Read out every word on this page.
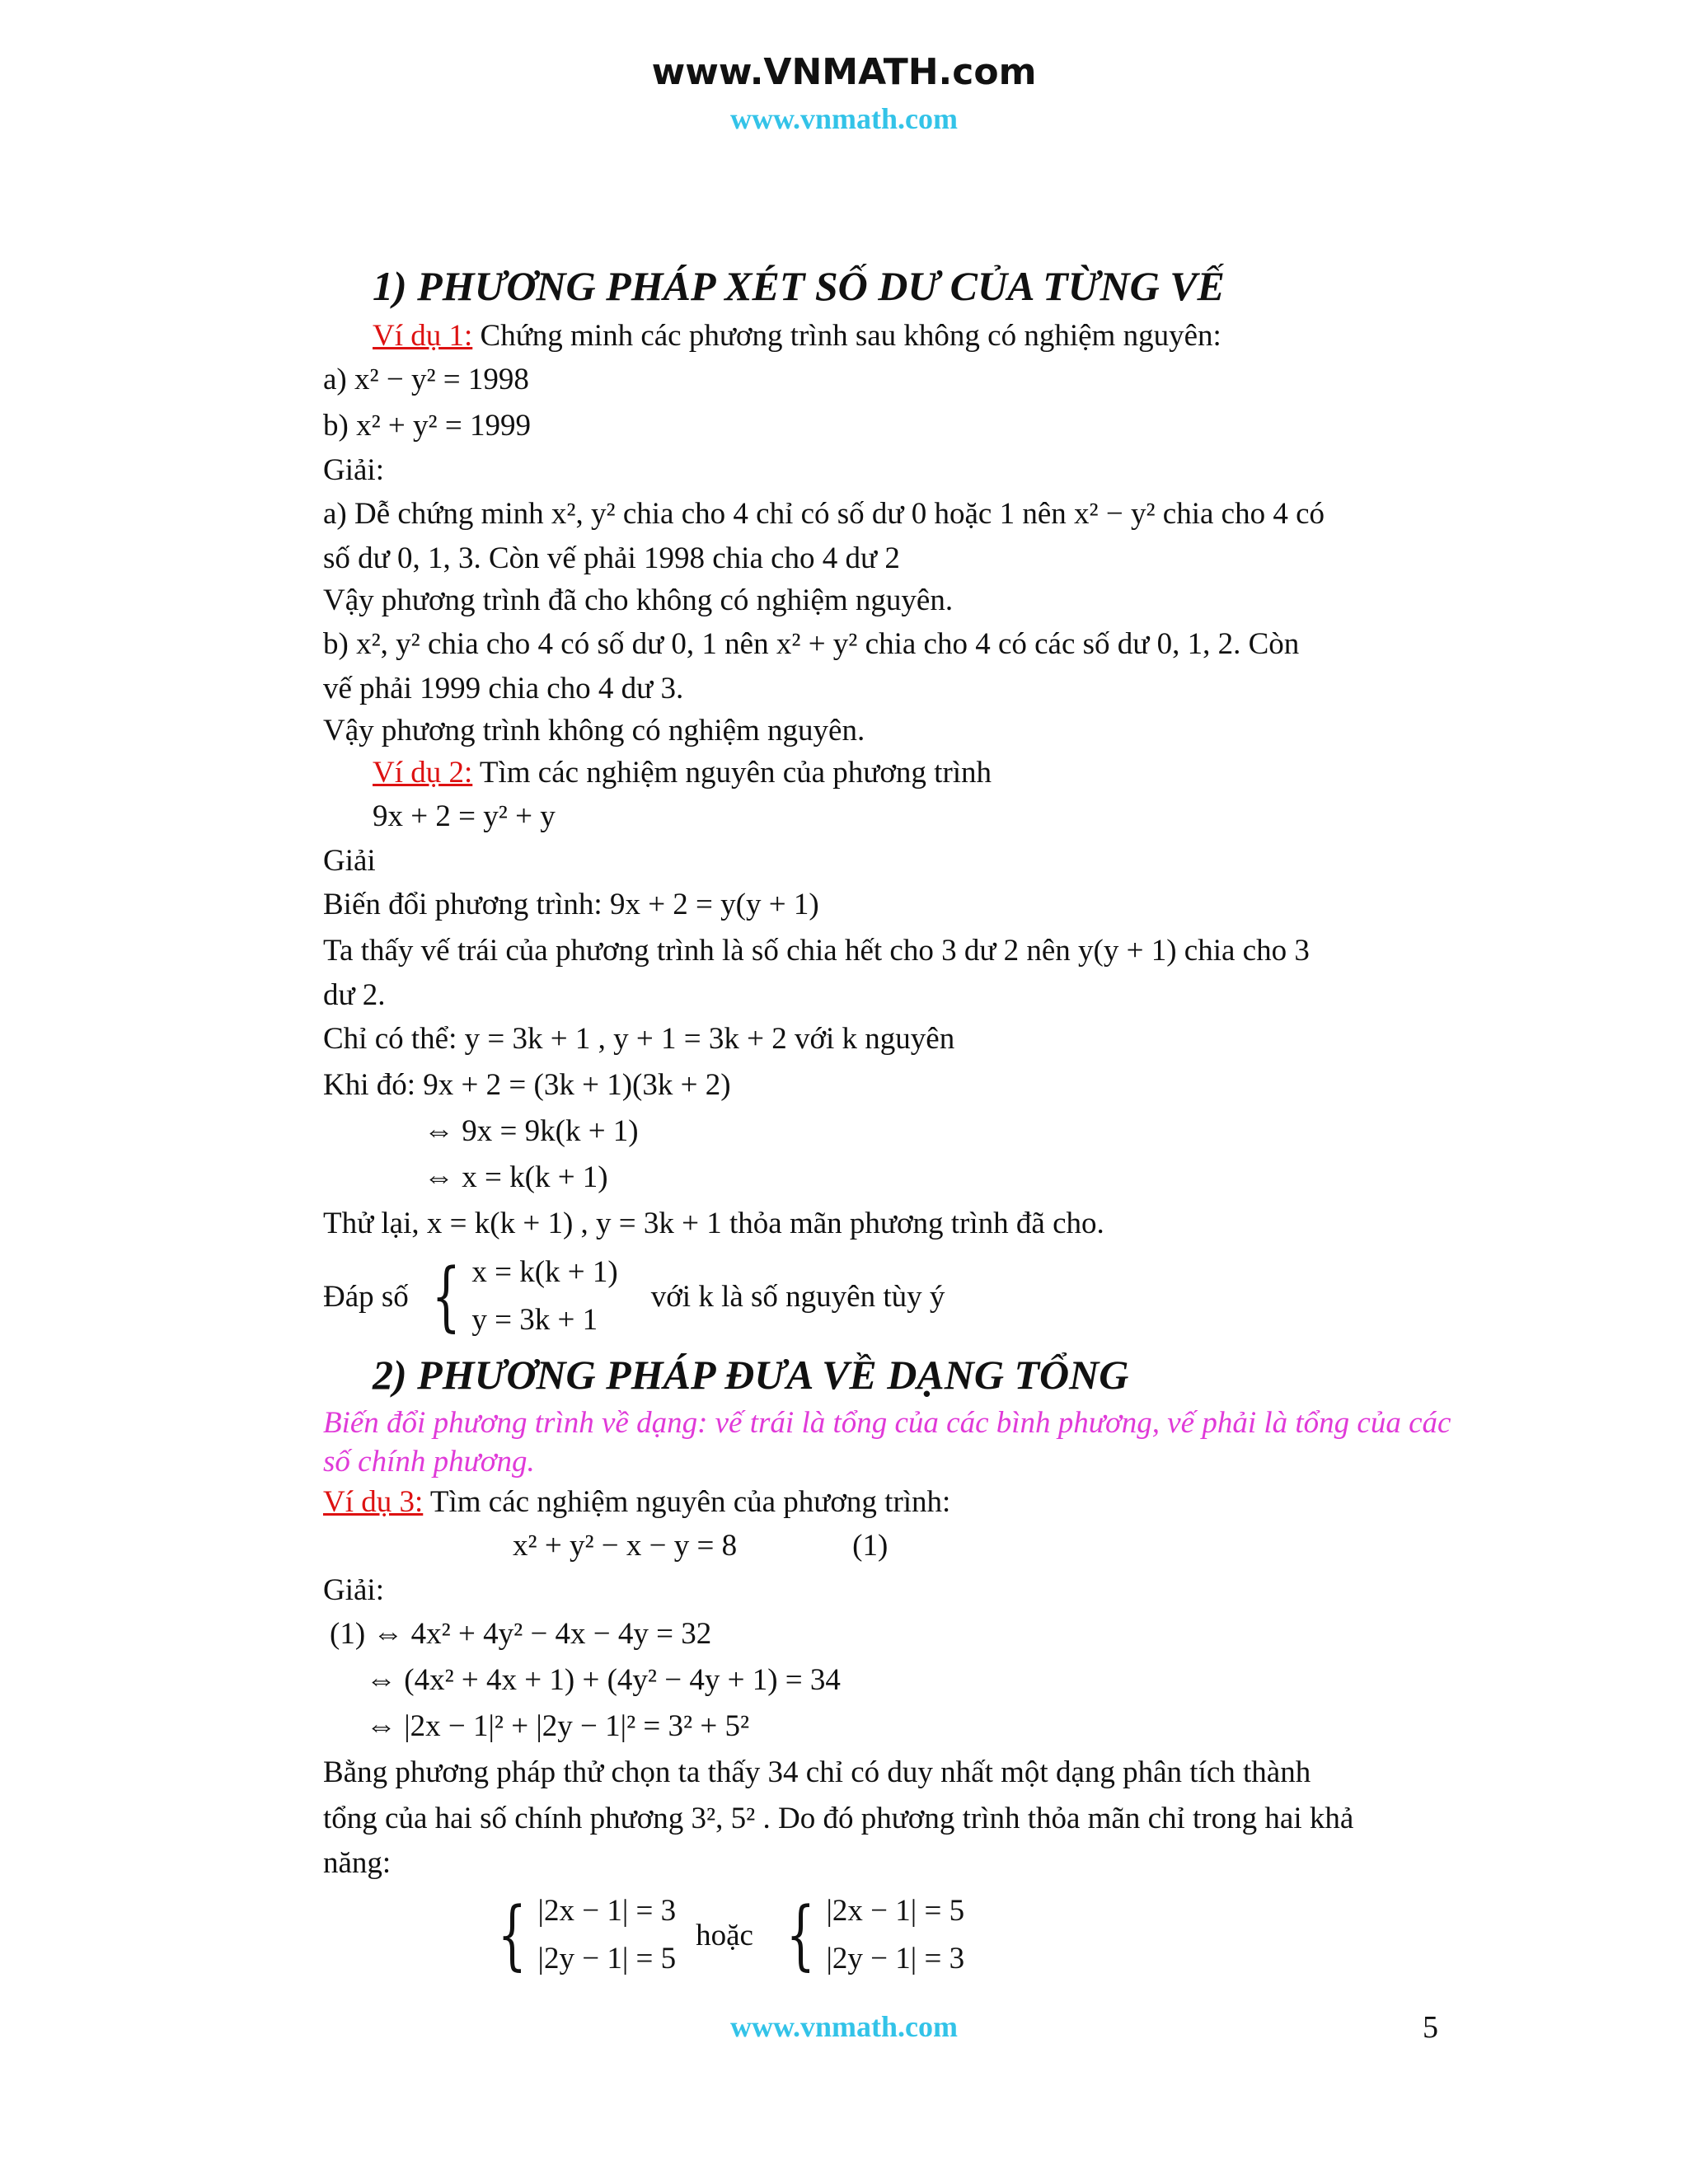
www.VNMATH.com
www.vnmath.com
1) PHƯƠNG PHÁP XÉT SỐ DƯ CỦA TỪNG VẾ
Ví dụ 1: Chứng minh các phương trình sau không có nghiệm nguyên:
a) x² − y² = 1998
b) x² + y² = 1999
Giải:
a) Dễ chứng minh x², y² chia cho 4 chỉ có số dư 0 hoặc 1 nên x² − y² chia cho 4 có
số dư 0, 1, 3. Còn vế phải 1998 chia cho 4 dư 2
Vậy phương trình đã cho không có nghiệm nguyên.
b) x², y² chia cho 4 có số dư 0, 1 nên x² + y² chia cho 4 có các số dư 0, 1, 2. Còn
vế phải 1999 chia cho 4 dư 3.
Vậy phương trình không có nghiệm nguyên.
Ví dụ 2: Tìm các nghiệm nguyên của phương trình
9x + 2 = y² + y
Giải
Biến đổi phương trình: 9x + 2 = y(y + 1)
Ta thấy vế trái của phương trình là số chia hết cho 3 dư 2 nên y(y + 1) chia cho 3
dư 2.
Chỉ có thể: y = 3k + 1 , y + 1 = 3k + 2 với k nguyên
Khi đó: 9x + 2 = (3k + 1)(3k + 2)
⇔ 9x = 9k(k + 1)
⇔ x = k(k + 1)
Thử lại, x = k(k + 1) , y = 3k + 1 thỏa mãn phương trình đã cho.
Đáp số { x = k(k + 1)
y = 3k + 1
với k là số nguyên tùy ý
2) PHƯƠNG PHÁP ĐƯA VỀ DẠNG TỔNG
Biến đổi phương trình về dạng: vế trái là tổng của các bình phương, vế phải là tổng của các số chính phương.
Ví dụ 3: Tìm các nghiệm nguyên của phương trình:
x² + y² − x − y = 8	(1)
Giải:
(1) ⇔ 4x² + 4y² − 4x − 4y = 32
⇔ (4x² + 4x + 1) + (4y² − 4y + 1) = 34
⇔ |2x − 1|² + |2y − 1|² = 3² + 5²
Bằng phương pháp thử chọn ta thấy 34 chỉ có duy nhất một dạng phân tích thành
tổng của hai số chính phương 3², 5² . Do đó phương trình thỏa mãn chỉ trong hai khả
năng:
{ |2x − 1| = 3
|2y − 1| = 5
hoặc { |2x − 1| = 5
|2y − 1| = 3
www.vnmath.com	5
